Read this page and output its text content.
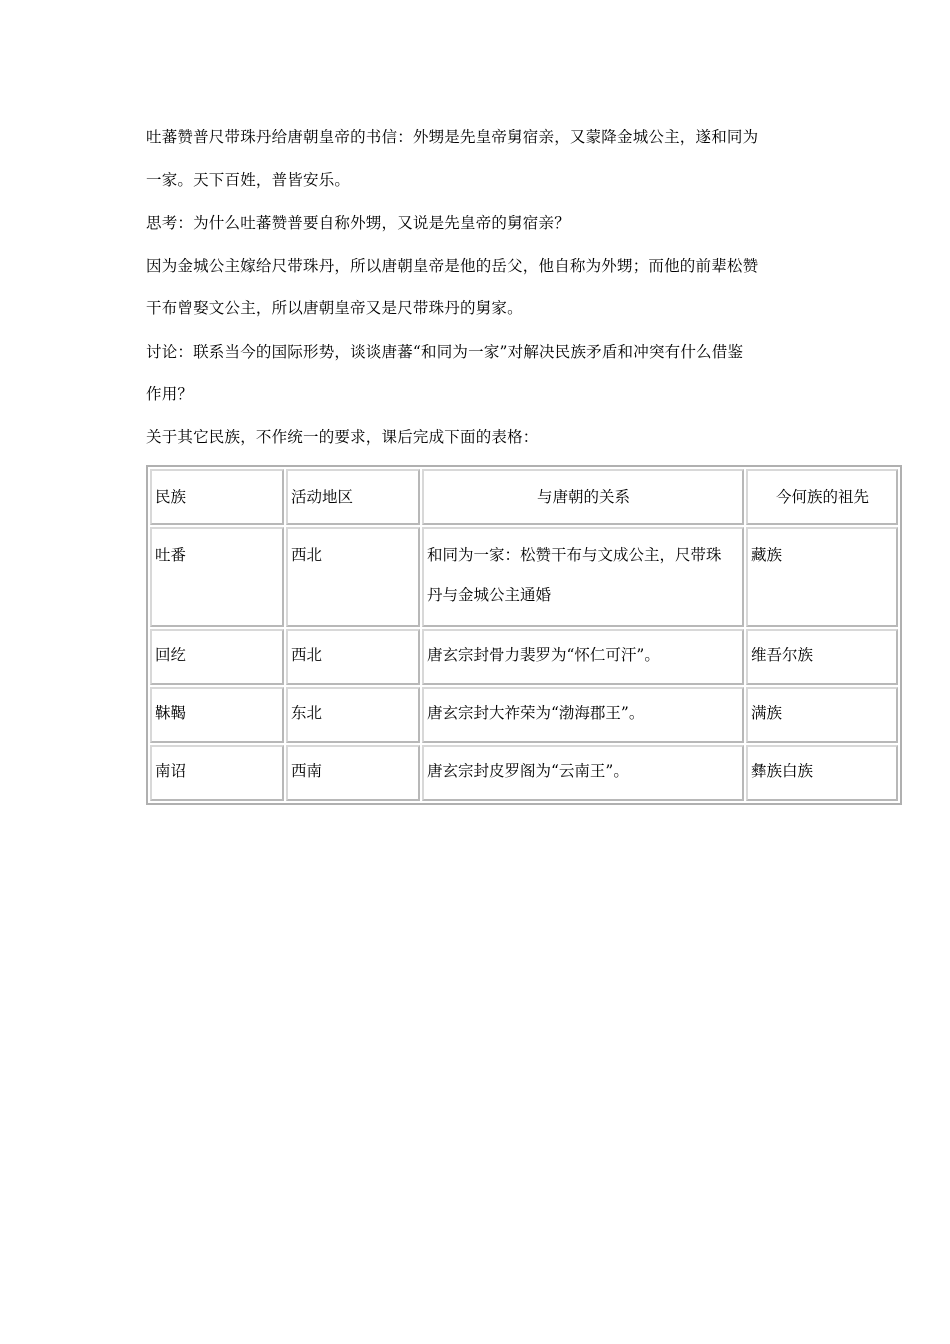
吐蕃赞普尺带珠丹给唐朝皇帝的书信：外甥是先皇帝舅宿亲，又蒙降金城公主，遂和同为
一家。天下百姓，普皆安乐。
思考：为什么吐蕃赞普要自称外甥，又说是先皇帝的舅宿亲？
因为金城公主嫁给尺带珠丹，所以唐朝皇帝是他的岳父，他自称为外甥；而他的前辈松赞
干布曾娶文公主，所以唐朝皇帝又是尺带珠丹的舅家。
讨论：联系当今的国际形势，谈谈唐蕃“和同为一家”对解决民族矛盾和冲突有什么借鉴
作用？
关于其它民族，不作统一的要求，课后完成下面的表格：
民族	活动地区	与唐朝的关系	今何族的祖先
吐番	西北	和同为一家：松赞干布与文成公主，尺带珠
丹与金城公主通婚	藏族
回纥	西北	唐玄宗封骨力裴罗为“怀仁可汗”。	维吾尔族
靺鞨	东北	唐玄宗封大祚荣为“渤海郡王”。	满族
南诏	西南	唐玄宗封皮罗阁为“云南王”。	彝族白族
